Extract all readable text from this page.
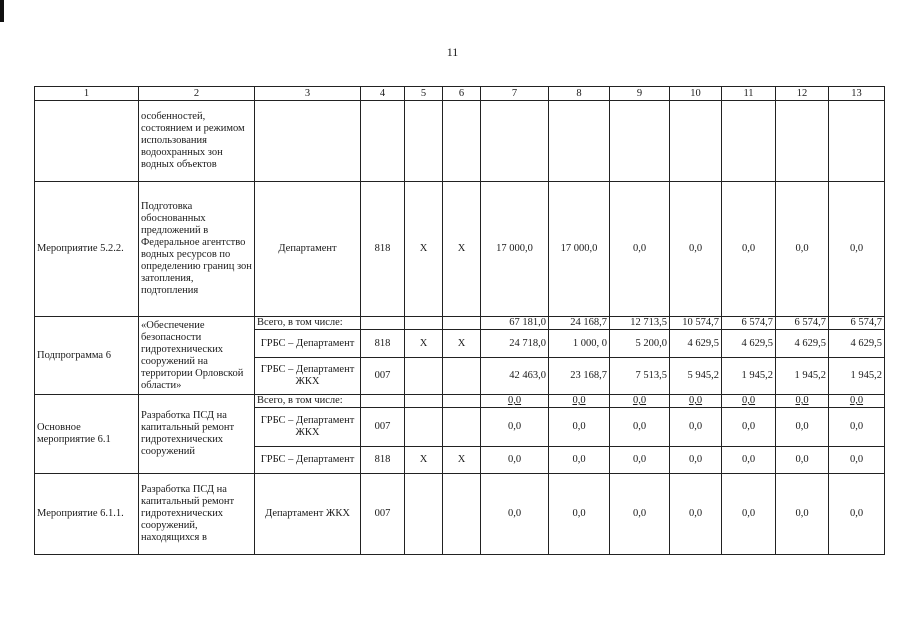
11
1	2	3	4	5	6	7	8	9	10	11	12	13
	особенностей, состоянием и режимом использования водоохранных зон водных объектов											
Мероприятие 5.2.2.	Подготовка обоснованных предложений в Федеральное агентство водных ресурсов по определению границ зон затопления, подтопления	Департамент	818	X	X	17 000,0	17 000,0	0,0	0,0	0,0	0,0	0,0
Подпрограмма 6	«Обеспечение безопасности гидротехнических сооружений на территории Орловской области»	Всего, в том числе:				67 181,0	24 168,7	12 713,5	10 574,7	6 574,7	6 574,7	6 574,7
		ГРБС – Департамент	818	X	X	24 718,0	1 000, 0	5 200,0	4 629,5	4 629,5	4 629,5	4 629,5
		ГРБС – Департамент ЖКХ	007			42 463,0	23 168,7	7 513,5	5 945,2	1 945,2	1 945,2	1 945,2
Основное мероприятие 6.1	Разработка ПСД на капитальный ремонт гидротехнических сооружений	Всего, в том числе:				0,0	0,0	0,0	0,0	0,0	0,0	0,0
		ГРБС – Департамент ЖКХ	007			0,0	0,0	0,0	0,0	0,0	0,0	0,0
		ГРБС – Департамент	818	X	X	0,0	0,0	0,0	0,0	0,0	0,0	0,0
Мероприятие 6.1.1.	Разработка ПСД на капитальный ремонт гидротехнических сооружений, находящихся в	Департамент ЖКХ	007			0,0	0,0	0,0	0,0	0,0	0,0	0,0
